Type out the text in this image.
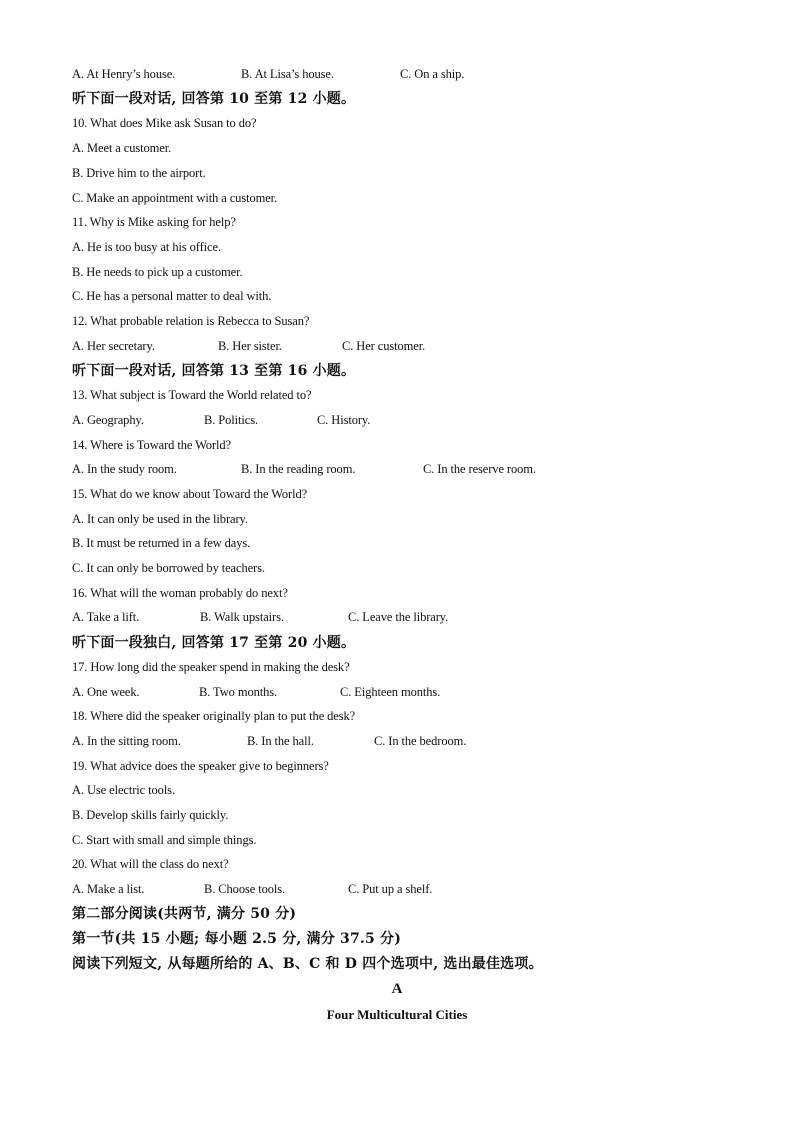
A. At Henry’s house.	B. At Lisa’s house.	C. On a ship.
听下面一段对话, 回答第 10 至第 12 小题。
10. What does Mike ask Susan to do?
A. Meet a customer.
B. Drive him to the airport.
C. Make an appointment with a customer.
11. Why is Mike asking for help?
A. He is too busy at his office.
B. He needs to pick up a customer.
C. He has a personal matter to deal with.
12. What probable relation is Rebecca to Susan?
A. Her secretary.	B. Her sister.	C. Her customer.
听下面一段对话, 回答第 13 至第 16 小题。
13. What subject is Toward the World related to?
A. Geography.	B. Politics.	C. History.
14. Where is Toward the World?
A. In the study room.	B. In the reading room.	C. In the reserve room.
15. What do we know about Toward the World?
A. It can only be used in the library.
B. It must be returned in a few days.
C. It can only be borrowed by teachers.
16. What will the woman probably do next?
A. Take a lift.	B. Walk upstairs.	C. Leave the library.
听下面一段独白, 回答第 17 至第 20 小题。
17. How long did the speaker spend in making the desk?
A. One week.	B. Two months.	C. Eighteen months.
18. Where did the speaker originally plan to put the desk?
A. In the sitting room.	B. In the hall.	C. In the bedroom.
19. What advice does the speaker give to beginners?
A. Use electric tools.
B. Develop skills fairly quickly.
C. Start with small and simple things.
20. What will the class do next?
A. Make a list.	B. Choose tools.	C. Put up a shelf.
第二部分阅读(共两节, 满分 50 分)
第一节(共 15 小题; 每小题 2.5 分, 满分 37.5 分)
阅读下列短文, 从每题所给的 A、B、C 和 D 四个选项中, 选出最佳选项。
A
Four Multicultural Cities
